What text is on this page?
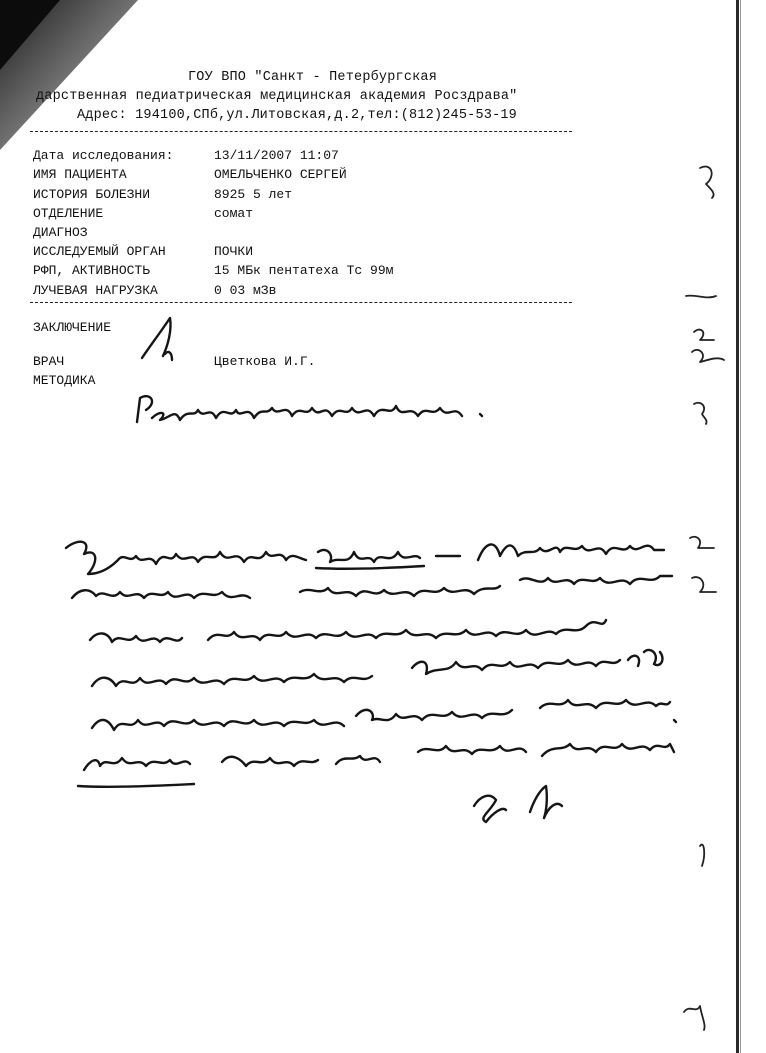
ГОУ ВПО "Санкт - Петербургская
дарственная педиатрическая медицинская академия Росздрава"
Адрес: 194100,СПб,ул.Литовская,д.2,тел:(812)245-53-19
Дата исследования:	13/11/2007 11:07
ИМЯ ПАЦИЕНТА	ОМЕЛЬЧЕНКО СЕРГЕЙ
ИСТОРИЯ БОЛЕЗНИ	8925 5 лет
ОТДЕЛЕНИЕ	сомат
ДИАГНОЗ
ИССЛЕДУЕМЫЙ ОРГАН	ПОЧКИ
РФП, АКТИВНОСТЬ	15 МБк пентатеха Тс 99м
ЛУЧЕВАЯ НАГРУЗКА	0 03 мЗв
ЗАКЛЮЧЕНИЕ
ВРАЧ	Цветкова И.Г.
МЕТОДИКА
